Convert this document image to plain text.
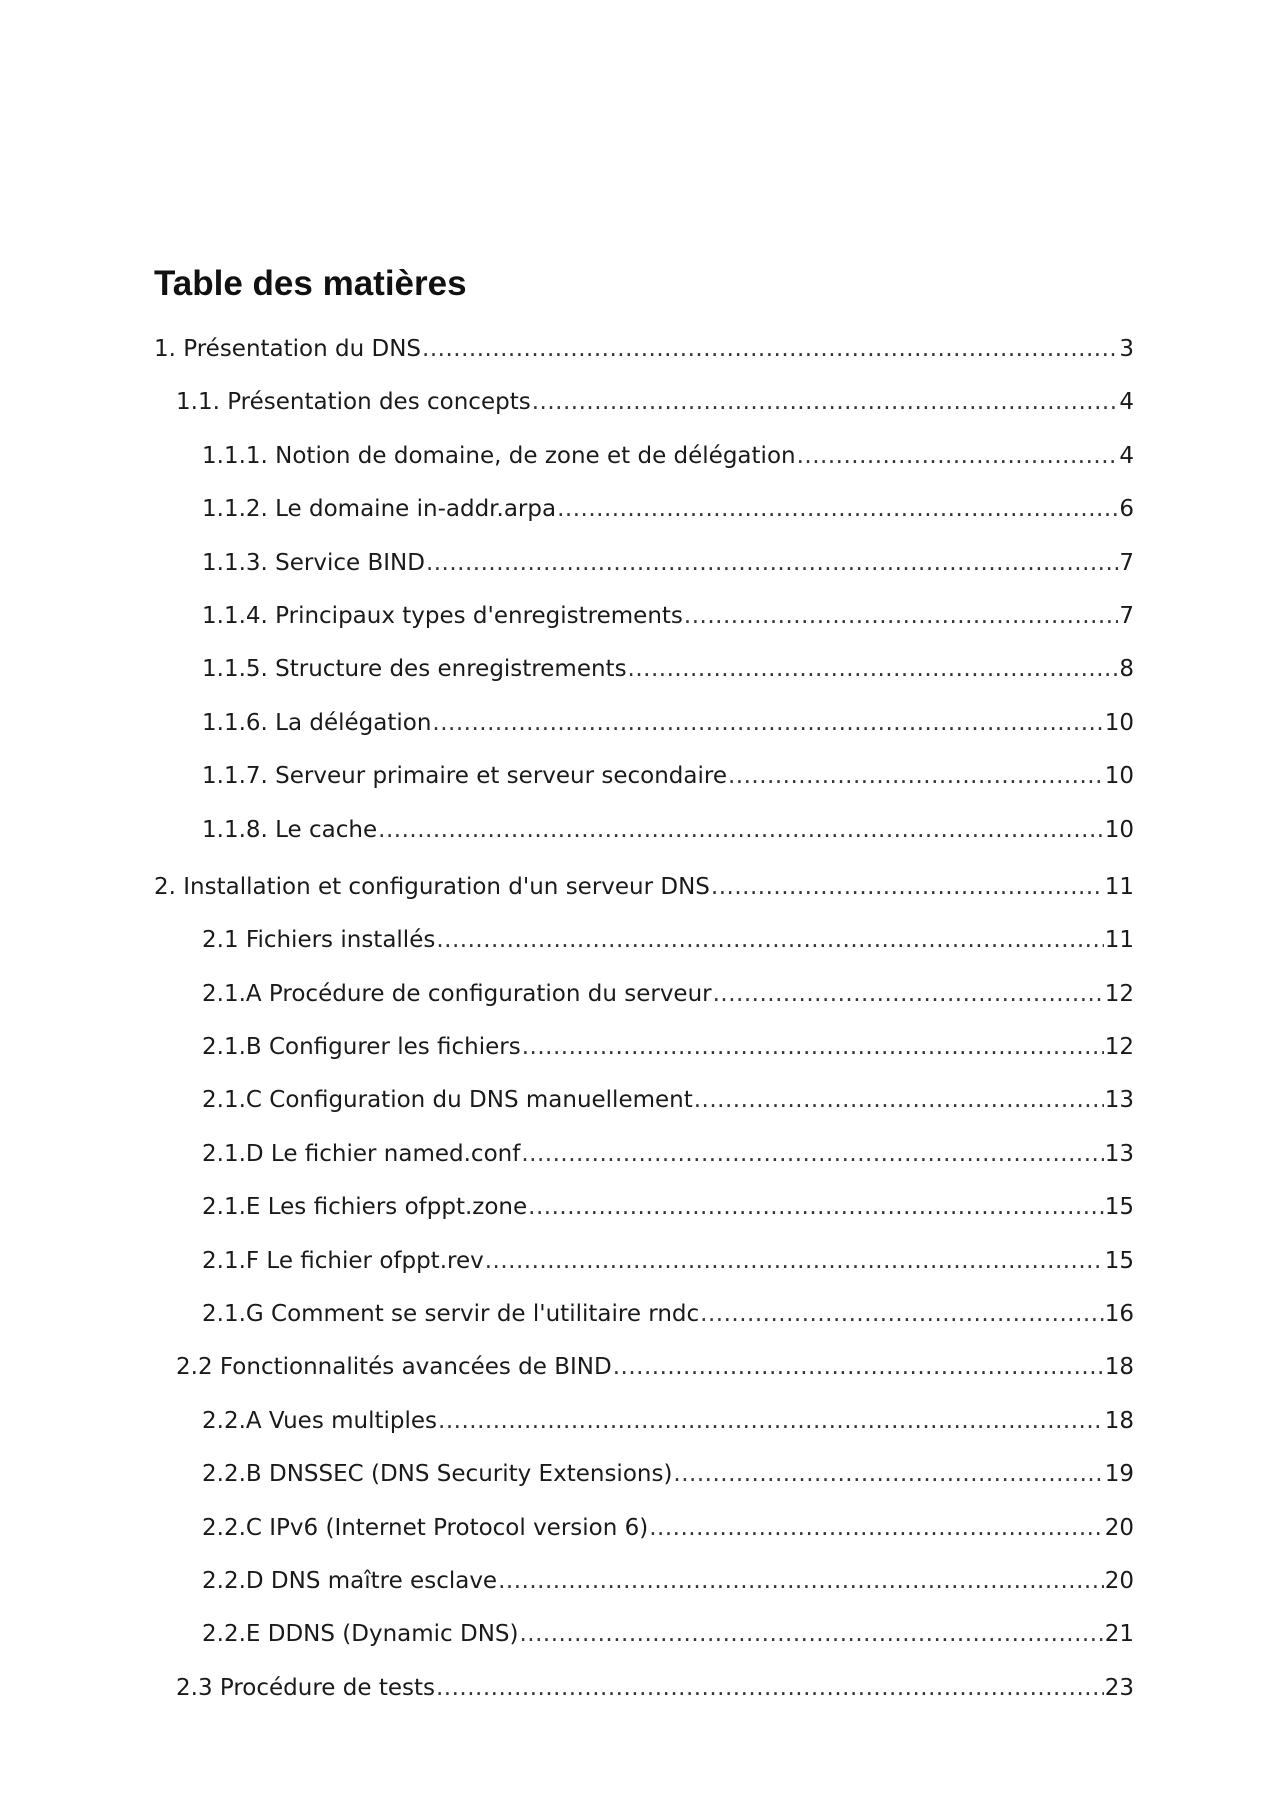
Table des matières
1. Présentation du DNS .....	3
1.1. Présentation des concepts .....	4
1.1.1. Notion de domaine, de zone et de délégation .....	4
1.1.2. Le domaine in-addr.arpa .....	6
1.1.3. Service BIND .....	7
1.1.4. Principaux types d'enregistrements .....	7
1.1.5. Structure des enregistrements .....	8
1.1.6. La délégation .....	10
1.1.7. Serveur primaire et serveur secondaire .....	10
1.1.8. Le cache .....	10
2. Installation et configuration d'un serveur DNS .....	11
2.1 Fichiers installés .....	11
2.1.A Procédure de configuration du serveur .....	12
2.1.B Configurer les fichiers .....	12
2.1.C Configuration du DNS manuellement .....	13
2.1.D Le fichier named.conf .....	13
2.1.E Les fichiers ofppt.zone .....	15
2.1.F Le fichier ofppt.rev .....	15
2.1.G Comment se servir de l'utilitaire rndc .....	16
2.2 Fonctionnalités avancées de BIND .....	18
2.2.A Vues multiples .....	18
2.2.B DNSSEC (DNS Security Extensions) .....	19
2.2.C IPv6 (Internet Protocol version 6) .....	20
2.2.D DNS maître esclave .....	20
2.2.E DDNS (Dynamic DNS) .....	21
2.3 Procédure de tests .....	23
